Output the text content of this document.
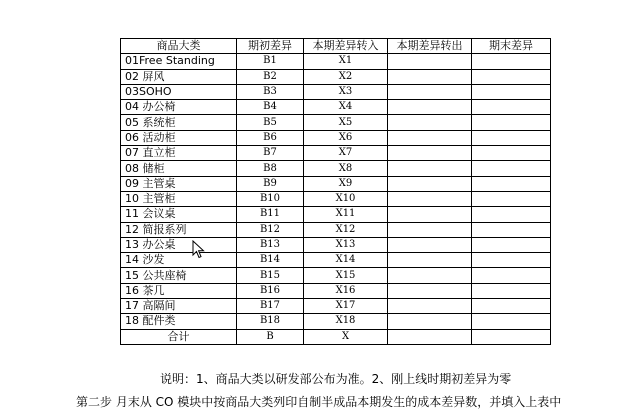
商品大类	期初差异	本期差异转入	本期差异转出	期末差异
01Free Standing	B1	X1		
02 屏风	B2	X2		
03SOHO	B3	X3		
04 办公椅	B4	X4		
05 系统柜	B5	X5		
06 活动柜	B6	X6		
07 直立柜	B7	X7		
08 储柜	B8	X8		
09 主管桌	B9	X9		
10 主管柜	B10	X10		
11 会议桌	B11	X11		
12 简报系列	B12	X12		
13 办公桌	B13	X13		
14 沙发	B14	X14		
15 公共座椅	B15	X15		
16 茶几	B16	X16		
17 高隔间	B17	X17		
18 配件类	B18	X18		
合计	B	X		
说明：1、商品大类以研发部公布为准。2、刚上线时期初差异为零
第二步 月末从 CO 模块中按商品大类列印自制半成品本期发生的成本差异数，并填入上表中
